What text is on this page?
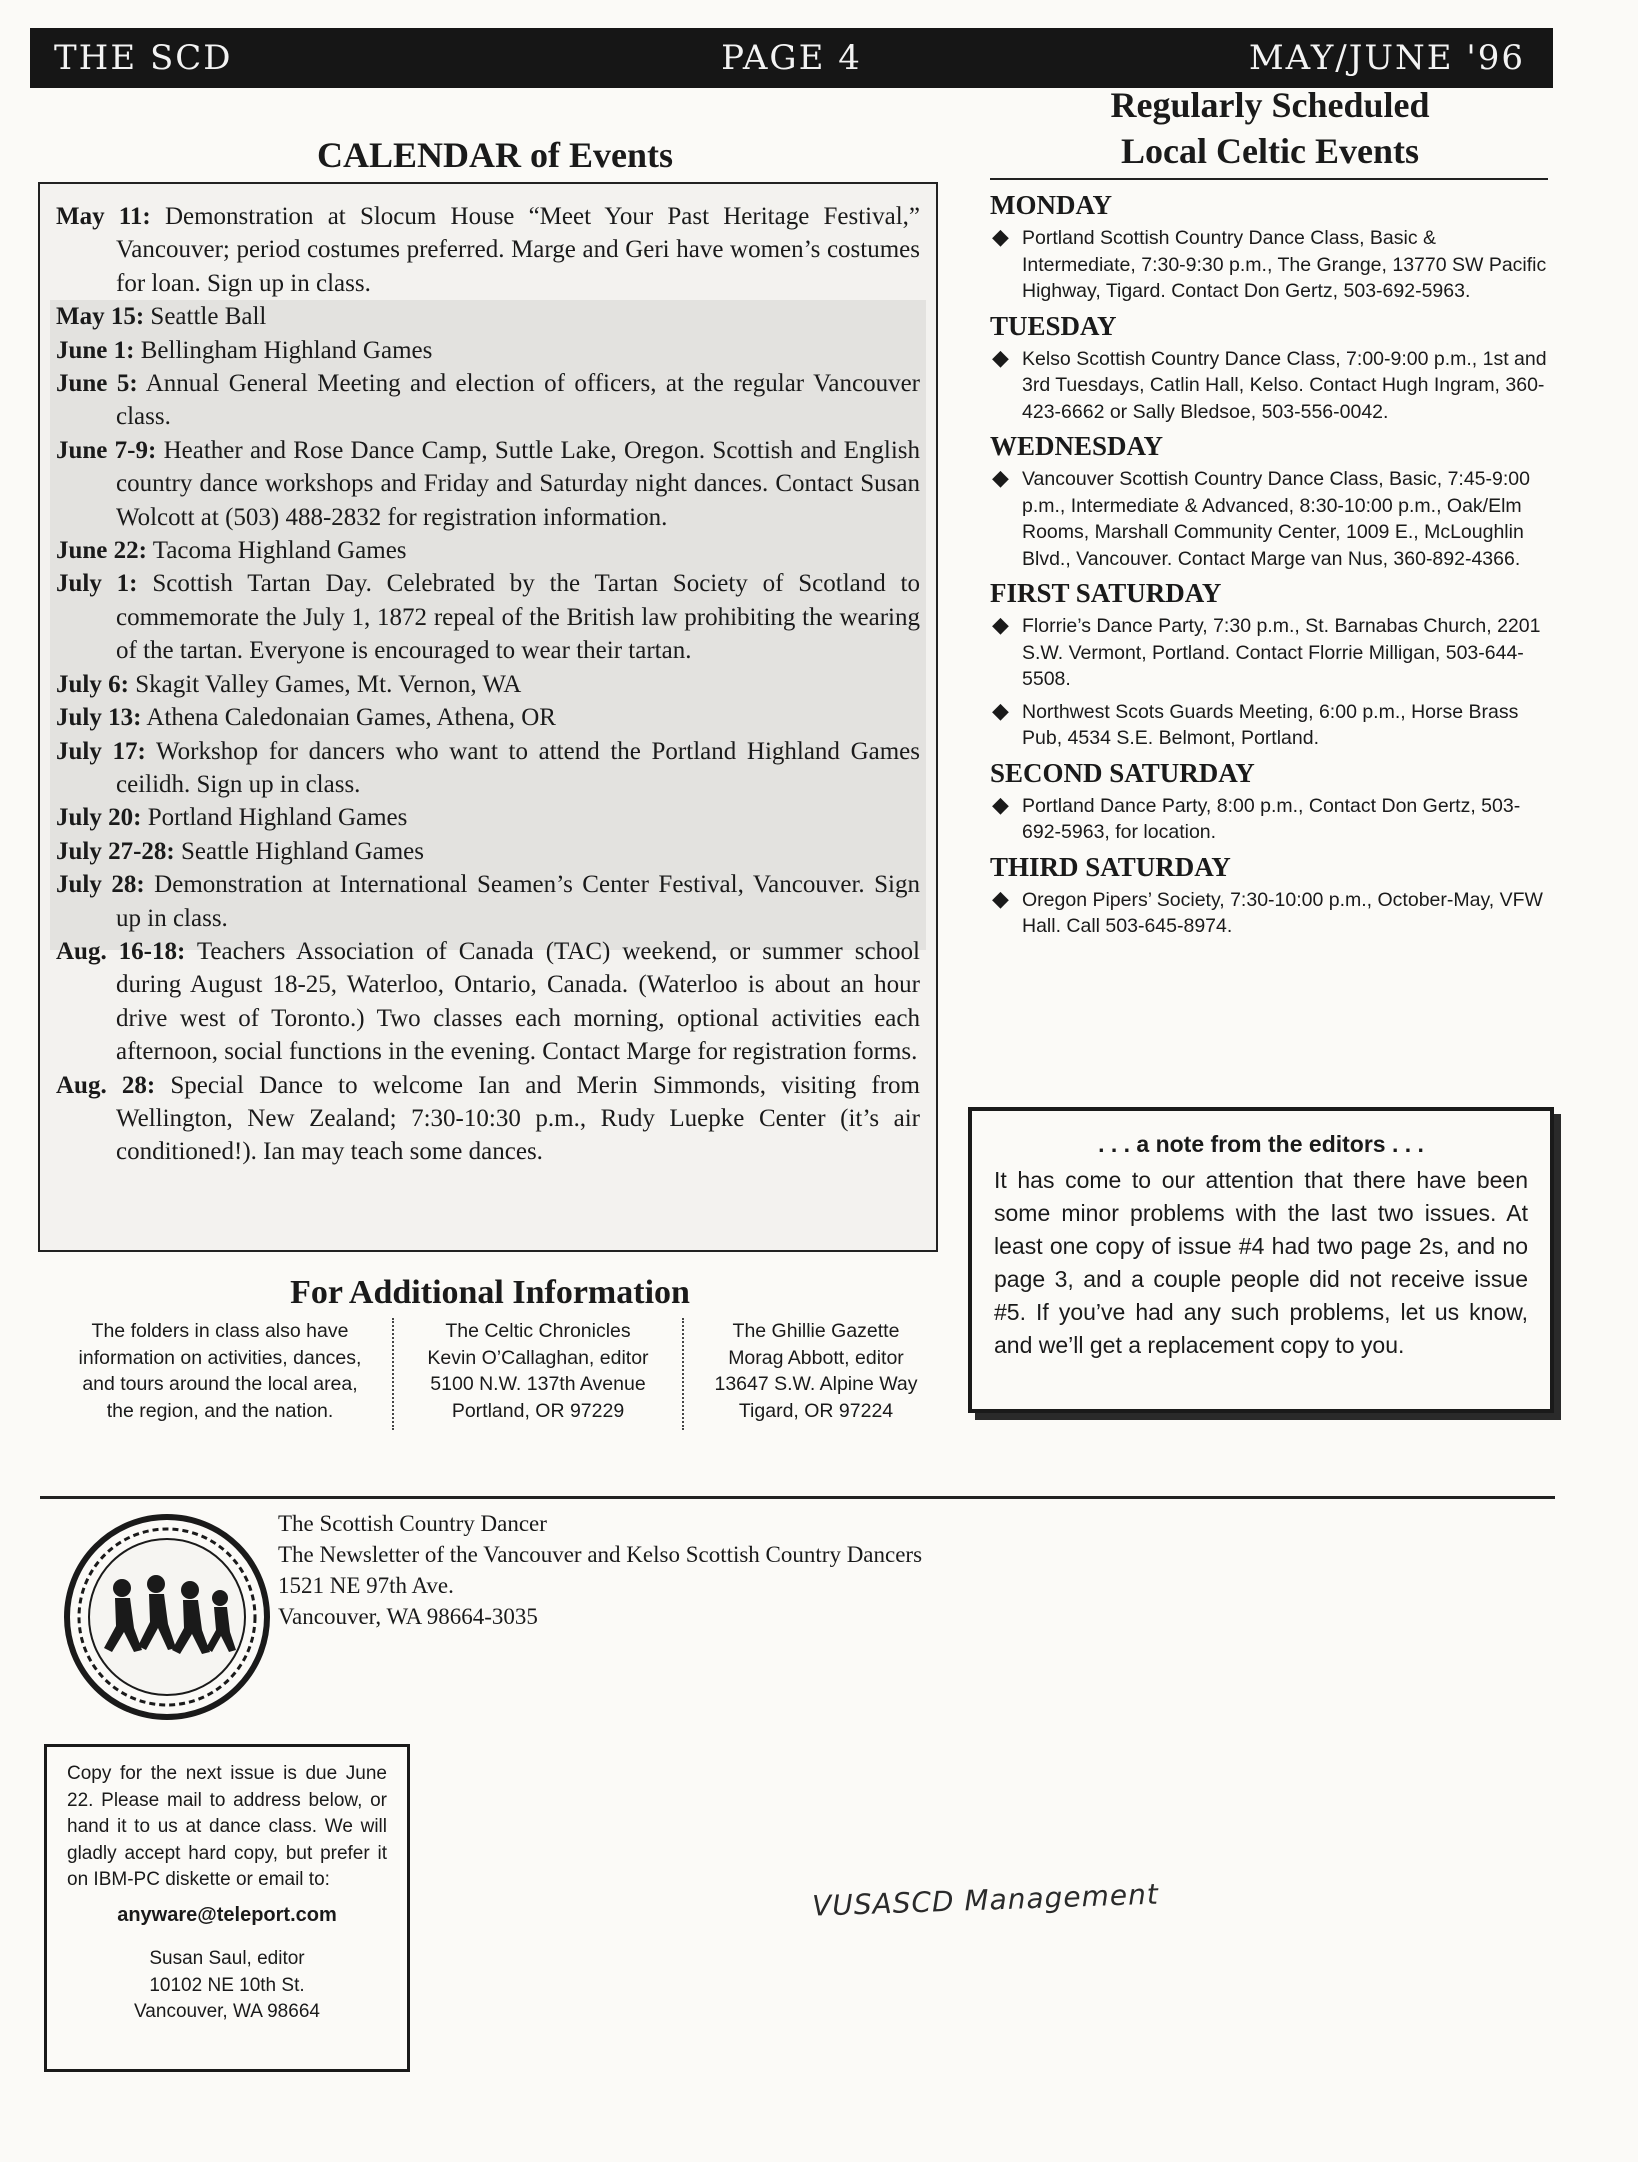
THE SCD	PAGE 4	MAY/JUNE '96
CALENDAR of Events
May 11: Demonstration at Slocum House “Meet Your Past Heritage Festival,” Vancouver; period costumes preferred. Marge and Geri have women’s costumes for loan. Sign up in class.
May 15: Seattle Ball
June 1: Bellingham Highland Games
June 5: Annual General Meeting and election of officers, at the regular Vancouver class.
June 7-9: Heather and Rose Dance Camp, Suttle Lake, Oregon. Scottish and English country dance workshops and Friday and Saturday night dances. Contact Susan Wolcott at (503) 488-2832 for registration information.
June 22: Tacoma Highland Games
July 1: Scottish Tartan Day. Celebrated by the Tartan Society of Scotland to commemorate the July 1, 1872 repeal of the British law prohibiting the wearing of the tartan. Everyone is encouraged to wear their tartan.
July 6: Skagit Valley Games, Mt. Vernon, WA
July 13: Athena Caledonaian Games, Athena, OR
July 17: Workshop for dancers who want to attend the Portland Highland Games ceilidh. Sign up in class.
July 20: Portland Highland Games
July 27-28: Seattle Highland Games
July 28: Demonstration at International Seamen’s Center Festival, Vancouver. Sign up in class.
Aug. 16-18: Teachers Association of Canada (TAC) weekend, or summer school during August 18-25, Waterloo, Ontario, Canada. (Waterloo is about an hour drive west of Toronto.) Two classes each morning, optional activities each afternoon, social functions in the evening. Contact Marge for registration forms.
Aug. 28: Special Dance to welcome Ian and Merin Simmonds, visiting from Wellington, New Zealand; 7:30-10:30 p.m., Rudy Luepke Center (it’s air conditioned!). Ian may teach some dances.
Regularly Scheduled
Local Celtic Events
MONDAY
◆ Portland Scottish Country Dance Class, Basic & Intermediate, 7:30-9:30 p.m., The Grange, 13770 SW Pacific Highway, Tigard. Contact Don Gertz, 503-692-5963.
TUESDAY
◆ Kelso Scottish Country Dance Class, 7:00-9:00 p.m., 1st and 3rd Tuesdays, Catlin Hall, Kelso. Contact Hugh Ingram, 360-423-6662 or Sally Bledsoe, 503-556-0042.
WEDNESDAY
◆ Vancouver Scottish Country Dance Class, Basic, 7:45-9:00 p.m., Intermediate & Advanced, 8:30-10:00 p.m., Oak/Elm Rooms, Marshall Community Center, 1009 E., McLoughlin Blvd., Vancouver. Contact Marge van Nus, 360-892-4366.
FIRST SATURDAY
◆ Florrie’s Dance Party, 7:30 p.m., St. Barnabas Church, 2201 S.W. Vermont, Portland. Contact Florrie Milligan, 503-644-5508.
◆ Northwest Scots Guards Meeting, 6:00 p.m., Horse Brass Pub, 4534 S.E. Belmont, Portland.
SECOND SATURDAY
◆ Portland Dance Party, 8:00 p.m., Contact Don Gertz, 503-692-5963, for location.
THIRD SATURDAY
◆ Oregon Pipers’ Society, 7:30-10:00 p.m., October-May, VFW Hall. Call 503-645-8974.
. . . a note from the editors . . .
It has come to our attention that there have been some minor problems with the last two issues. At least one copy of issue #4 had two page 2s, and no page 3, and a couple people did not receive issue #5. If you’ve had any such problems, let us know, and we’ll get a replacement copy to you.
For Additional Information
The folders in class also have
information on activities, dances,
and tours around the local area,
the region, and the nation.
The Celtic Chronicles
Kevin O’Callaghan, editor
5100 N.W. 137th Avenue
Portland, OR 97229
The Ghillie Gazette
Morag Abbott, editor
13647 S.W. Alpine Way
Tigard, OR 97224
The Scottish Country Dancer
The Newsletter of the Vancouver and Kelso Scottish Country Dancers
1521 NE 97th Ave.
Vancouver, WA 98664-3035
Copy for the next issue is due June 22. Please mail to address below, or hand it to us at dance class. We will gladly accept hard copy, but prefer it on IBM-PC diskette or email to:
anyware@teleport.com
Susan Saul, editor
10102 NE 10th St.
Vancouver, WA 98664
VUSASCD Management
